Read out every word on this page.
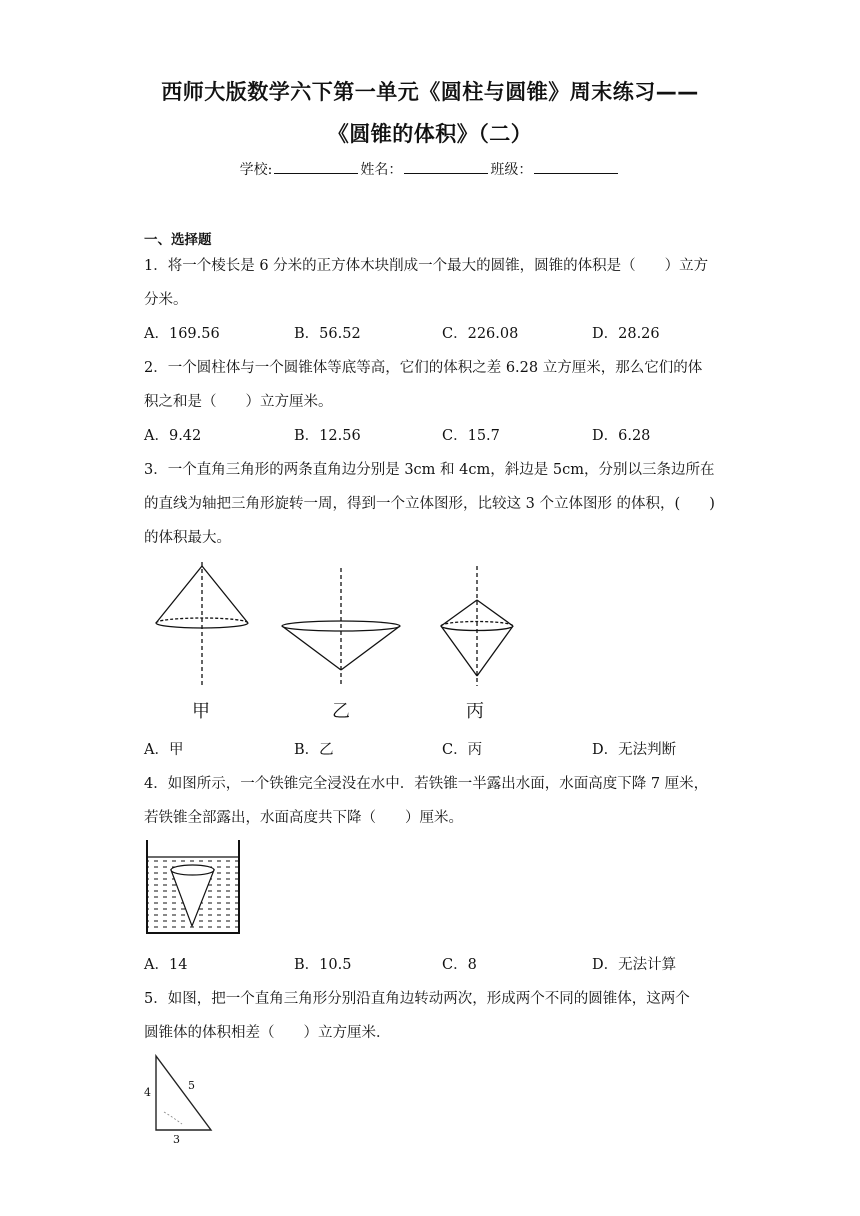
西师大版数学六下第一单元《圆柱与圆锥》周末练习——
《圆锥的体积》（二）
学校:	姓名：	班级：
一、选择题
1．将一个棱长是 6 分米的正方体木块削成一个最大的圆锥，圆锥的体积是（　　）立方
分米。
A．169.56	B．56.52	C．226.08	D．28.26
2．一个圆柱体与一个圆锥体等底等高，它们的体积之差 6.28 立方厘米，那么它们的体
积之和是（　　）立方厘米。
A．9.42	B．12.56	C．15.7	D．6.28
3．一个直角三角形的两条直角边分别是 3cm 和 4cm，斜边是 5cm，分别以三条边所在
的直线为轴把三角形旋转一周，得到一个立体图形，比较这 3 个立体图形 的体积，(　　)
的体积最大。
甲	乙	丙
A．甲	B．乙	C．丙	D．无法判断
4．如图所示，一个铁锥完全浸没在水中．若铁锥一半露出水面，水面高度下降 7 厘米，
若铁锥全部露出，水面高度共下降（　　）厘米。
A．14	B．10.5	C．8	D．无法计算
5．如图，把一个直角三角形分别沿直角边转动两次，形成两个不同的圆锥体，这两个
圆锥体的体积相差（　　）立方厘米．
4
5
3
